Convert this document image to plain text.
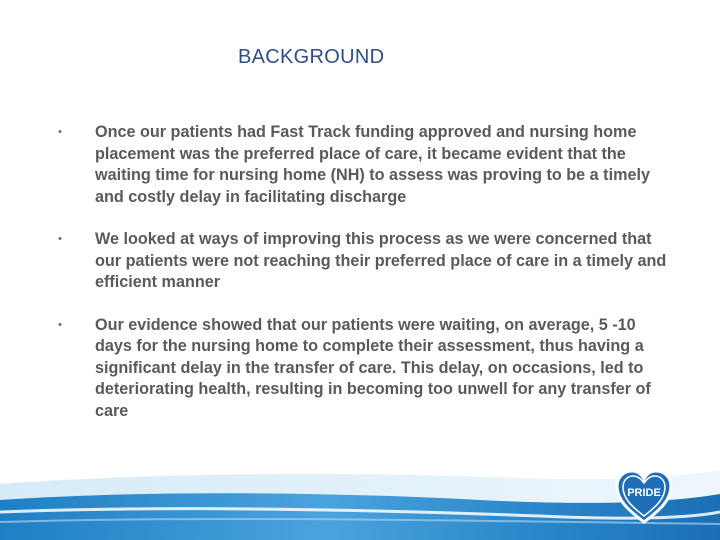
BACKGROUND
• Once our patients had Fast Track funding approved and nursing home placement was the preferred place of care, it became evident that the waiting time for nursing home (NH) to assess was proving to be a timely and costly delay in facilitating discharge
• We looked at ways of improving this process as we were concerned that our patients were not reaching their preferred place of care in a timely and efficient manner
• Our evidence showed that our patients were waiting, on average, 5 -10 days for the nursing home to complete their assessment, thus having a significant delay in the transfer of care. This delay, on occasions, led to deteriorating health, resulting in becoming too unwell for any transfer of care
PRIDE
